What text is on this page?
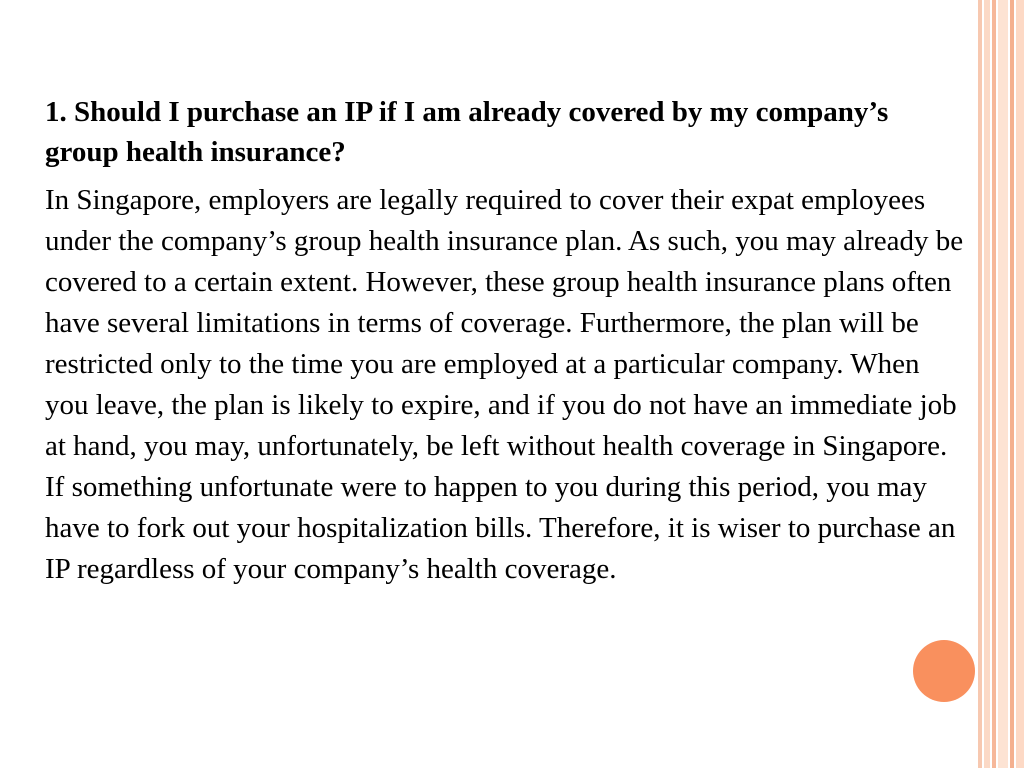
1. Should I purchase an IP if I am already covered by my company’s group health insurance?

In Singapore, employers are legally required to cover their expat employees under the company’s group health insurance plan. As such, you may already be covered to a certain extent. However, these group health insurance plans often have several limitations in terms of coverage. Furthermore, the plan will be restricted only to the time you are employed at a particular company. When you leave, the plan is likely to expire, and if you do not have an immediate job at hand, you may, unfortunately, be left without health coverage in Singapore. If something unfortunate were to happen to you during this period, you may have to fork out your hospitalization bills. Therefore, it is wiser to purchase an IP regardless of your company’s health coverage.
